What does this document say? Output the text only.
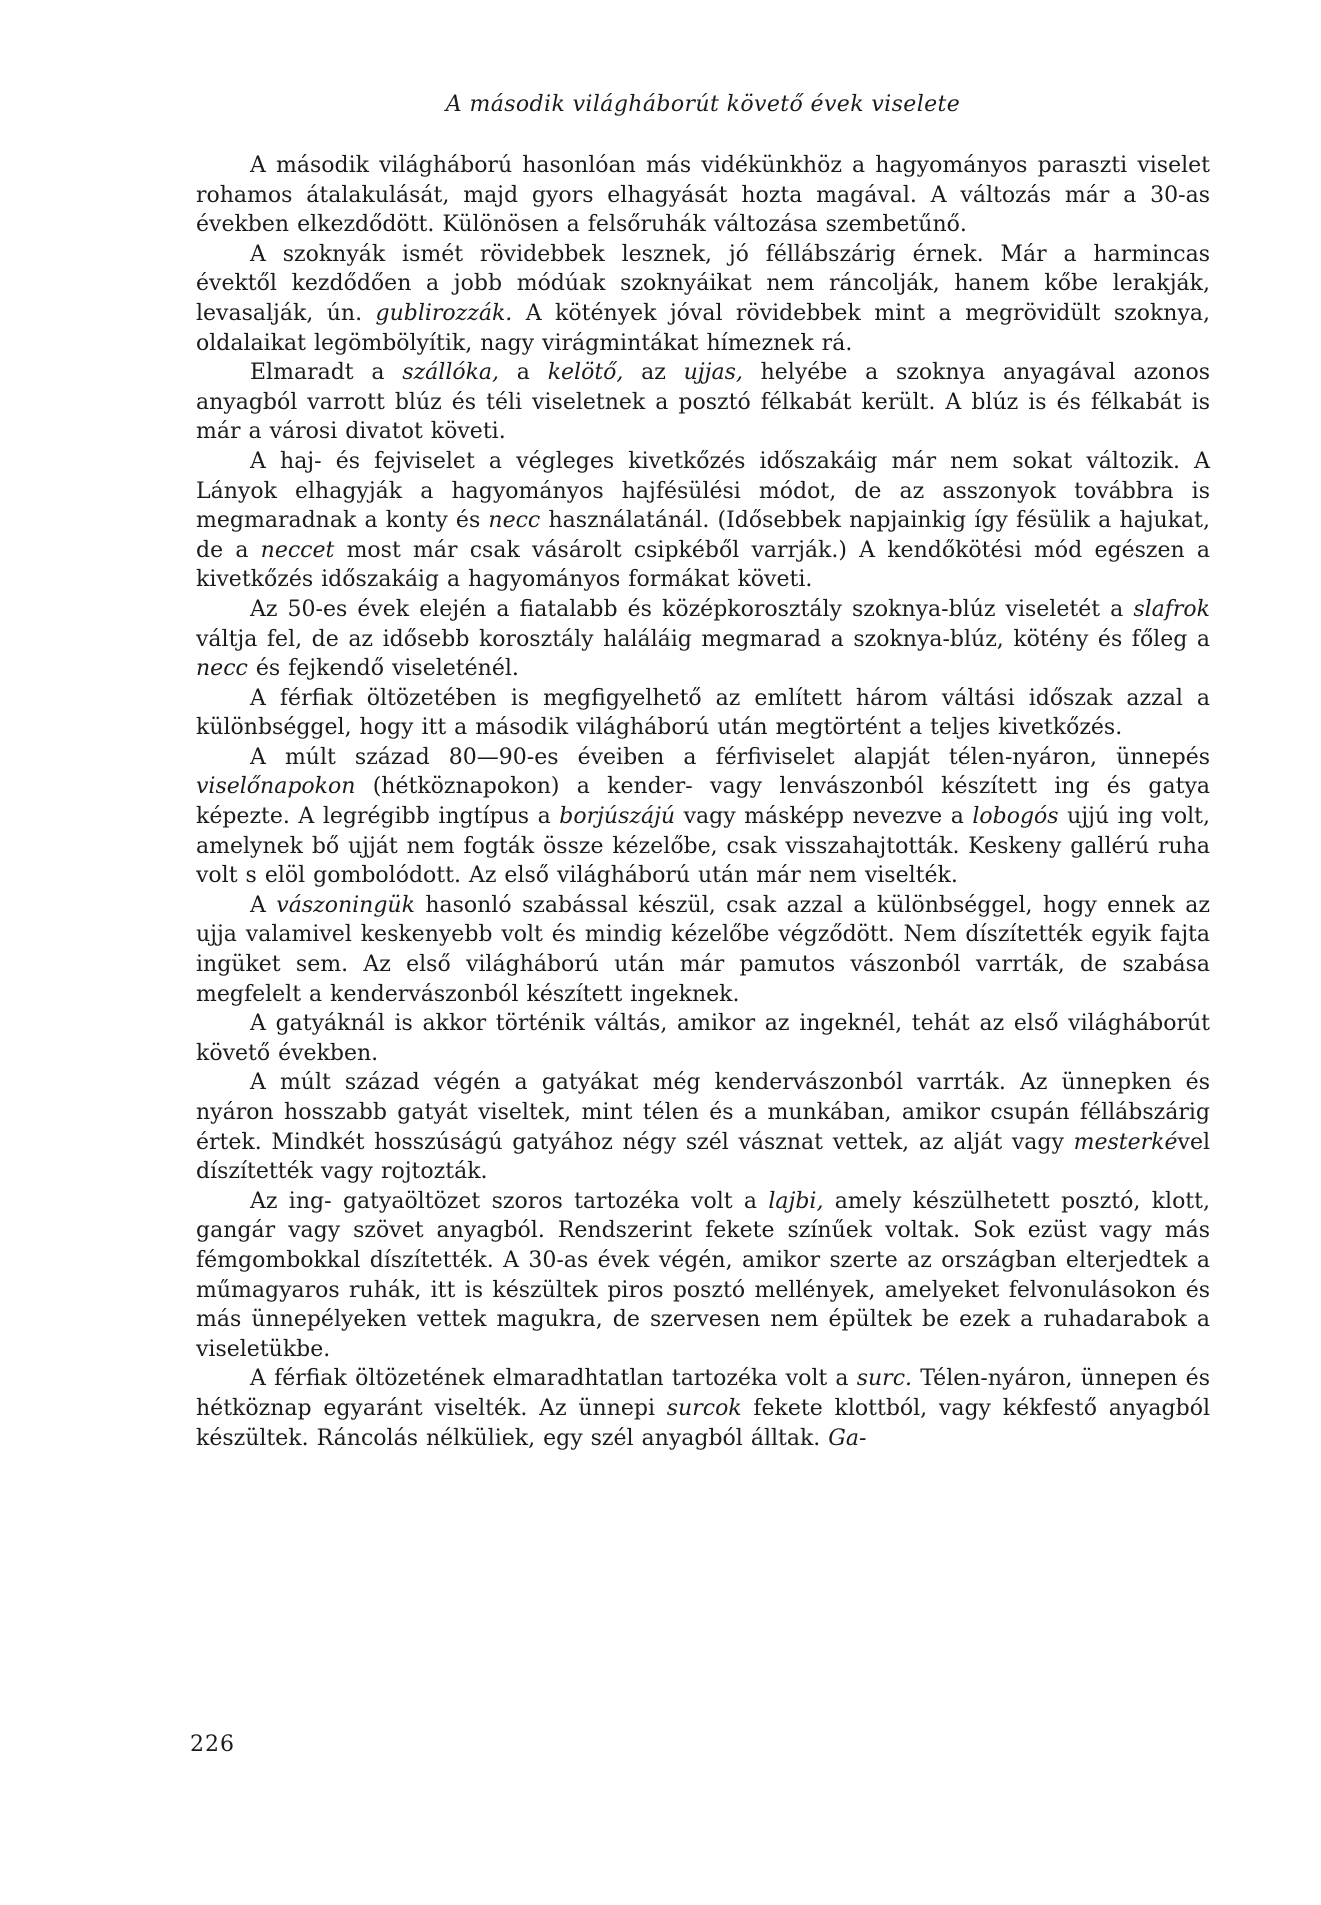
A második világháborút követő évek viselete

A második világháború hasonlóan más vidékünkhöz a hagyományos paraszti viselet rohamos átalakulását, majd gyors elhagyását hozta magával. A változás már a 30-as években elkezdődött. Különösen a felsőruhák változása szembetűnő.

A szoknyák ismét rövidebbek lesznek, jó féllábszárig érnek. Már a harmincas évektől kezdődően a jobb módúak szoknyáikat nem ráncolják, hanem kőbe lerakják, levasalják, ún. gublirozzák. A kötények jóval rövidebbek mint a megrövidült szoknya, oldalaikat legömbölyítik, nagy virágmintákat hímeznek rá.

Elmaradt a szállóka, a kelötő, az ujjas, helyébe a szoknya anyagával azonos anyagból varrott blúz és téli viseletnek a posztó félkabát került. A blúz is és félkabát is már a városi divatot követi.

A haj- és fejviselet a végleges kivetkőzés időszakáig már nem sokat változik. A Lányok elhagyják a hagyományos hajfésülési módot, de az asszonyok továbbra is megmaradnak a konty és necc használatánál. (Idősebbek napjainkig így fésülik a hajukat, de a neccet most már csak vásárolt csipkéből varrják.) A kendőkötési mód egészen a kivetkőzés időszakáig a hagyományos formákat követi.

Az 50-es évek elején a fiatalabb és középkorosztály szoknya-blúz viseletét a slafrok váltja fel, de az idősebb korosztály haláláig megmarad a szoknya-blúz, kötény és főleg a necc és fejkendő viseleténél.

A férfiak öltözetében is megfigyelhető az említett három váltási időszak azzal a különbséggel, hogy itt a második világháború után megtörtént a teljes kivetkőzés.

A múlt század 80—90-es éveiben a férfiviselet alapját télen-nyáron, ünnepés viselőnapokon (hétköznapokon) a kender- vagy lenvászonból készített ing és gatya képezte. A legrégibb ingtípus a borjúszájú vagy másképp nevezve a lobogós ujjú ing volt, amelynek bő ujját nem fogták össze kézelőbe, csak visszahajtották. Keskeny gallérú ruha volt s elöl gombolódott. Az első világháború után már nem viselték.

A vászoningük hasonló szabással készül, csak azzal a különbséggel, hogy ennek az ujja valamivel keskenyebb volt és mindig kézelőbe végződött. Nem díszítették egyik fajta ingüket sem. Az első világháború után már pamutos vászonból varrták, de szabása megfelelt a kendervászonból készített ingeknek.

A gatyáknál is akkor történik váltás, amikor az ingeknél, tehát az első világháborút követő években.

A múlt század végén a gatyákat még kendervászonból varrták. Az ünnepken és nyáron hosszabb gatyát viseltek, mint télen és a munkában, amikor csupán féllábszárig értek. Mindkét hosszúságú gatyához négy szél vásznat vettek, az alját vagy mesterkével díszítették vagy rojtozták.

Az ing- gatyaöltözet szoros tartozéka volt a lajbi, amely készülhetett posztó, klott, gangár vagy szövet anyagból. Rendszerint fekete színűek voltak. Sok ezüst vagy más fémgombokkal díszítették. A 30-as évek végén, amikor szerte az országban elterjedtek a műmagyaros ruhák, itt is készültek piros posztó mellények, amelyeket felvonulásokon és más ünnepélyeken vettek magukra, de szervesen nem épültek be ezek a ruhadarabok a viseletükbe.

A férfiak öltözetének elmaradhtatlan tartozéka volt a surc. Télen-nyáron, ünnepen és hétköznap egyaránt viselték. Az ünnepi surcok fekete klottból, vagy kékfestő anyagból készültek. Ráncolás nélküliek, egy szél anyagból álltak. Ga-

226
